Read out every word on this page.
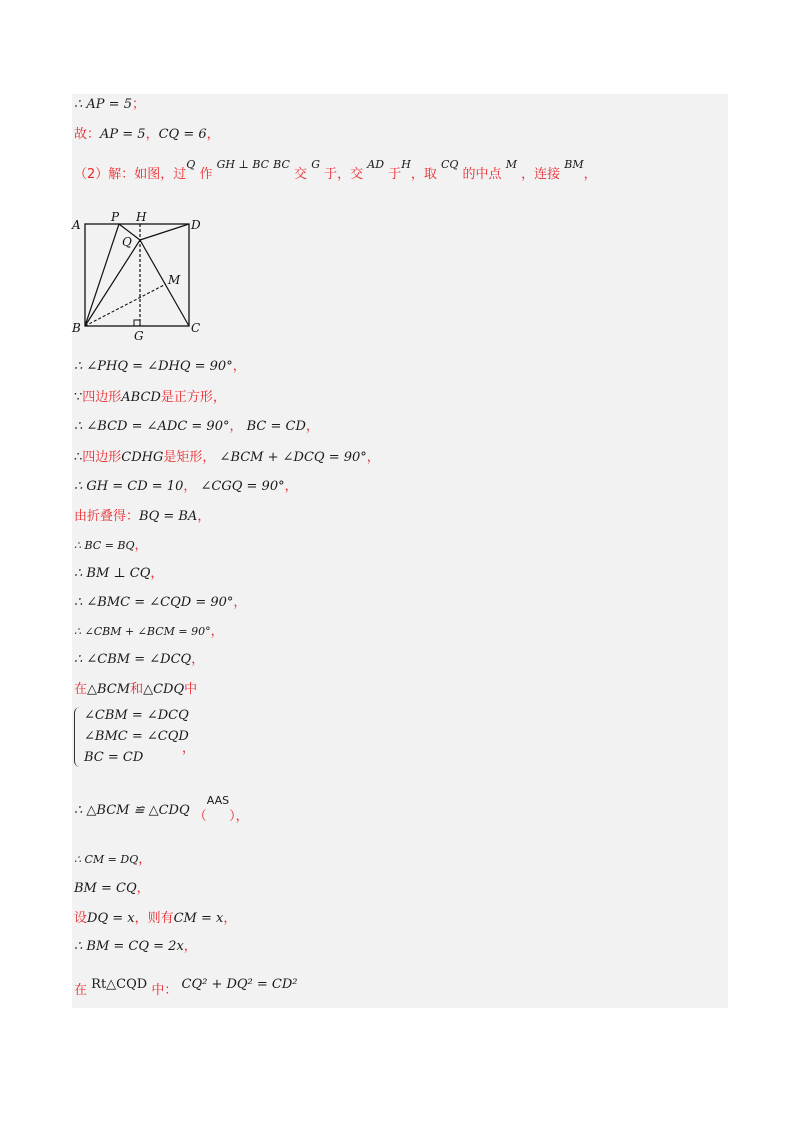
∴ AP = 5；
故：AP = 5，CQ = 6，
（2）解：如图，过$^Q$ 作 $^{GH \perp BC}$ $^{BC}$ 交 $^G$ 于，交 $^{AD}$ 于$^H$，取 $^{CQ}$ 的中点 $^M$ ，连接 $^{BM}$，
A
P H
D
Q
M
B
G
C
∴ ∠PHQ = ∠DHQ = 90°，
∵四边形ABCD是正方形，
∴ ∠BCD = ∠ADC = 90°， BC = CD，
∴四边形CDHG是矩形， ∠BCM + ∠DCQ = 90°，
∴ GH = CD = 10， ∠CGQ = 90°，
由折叠得：BQ = BA，
∴ BC = BQ，
∴ BM ⊥ CQ，
∴ ∠BMC = ∠CQD = 90°，
∴ ∠CBM + ∠BCM = 90°，
∴ ∠CBM = ∠DCQ，
在△BCM和△CDQ中
∠CBM = ∠DCQ
∠BMC = ∠CQD
BC = CD
，
∴ △BCM ≌ △CDQ （$^{AAS}$），
∴ CM = DQ，
BM = CQ，
设DQ = x，则有CM = x，
∴ BM = CQ = 2x，
在 Rt△CQD 中： CQ² + DQ² = CD²
